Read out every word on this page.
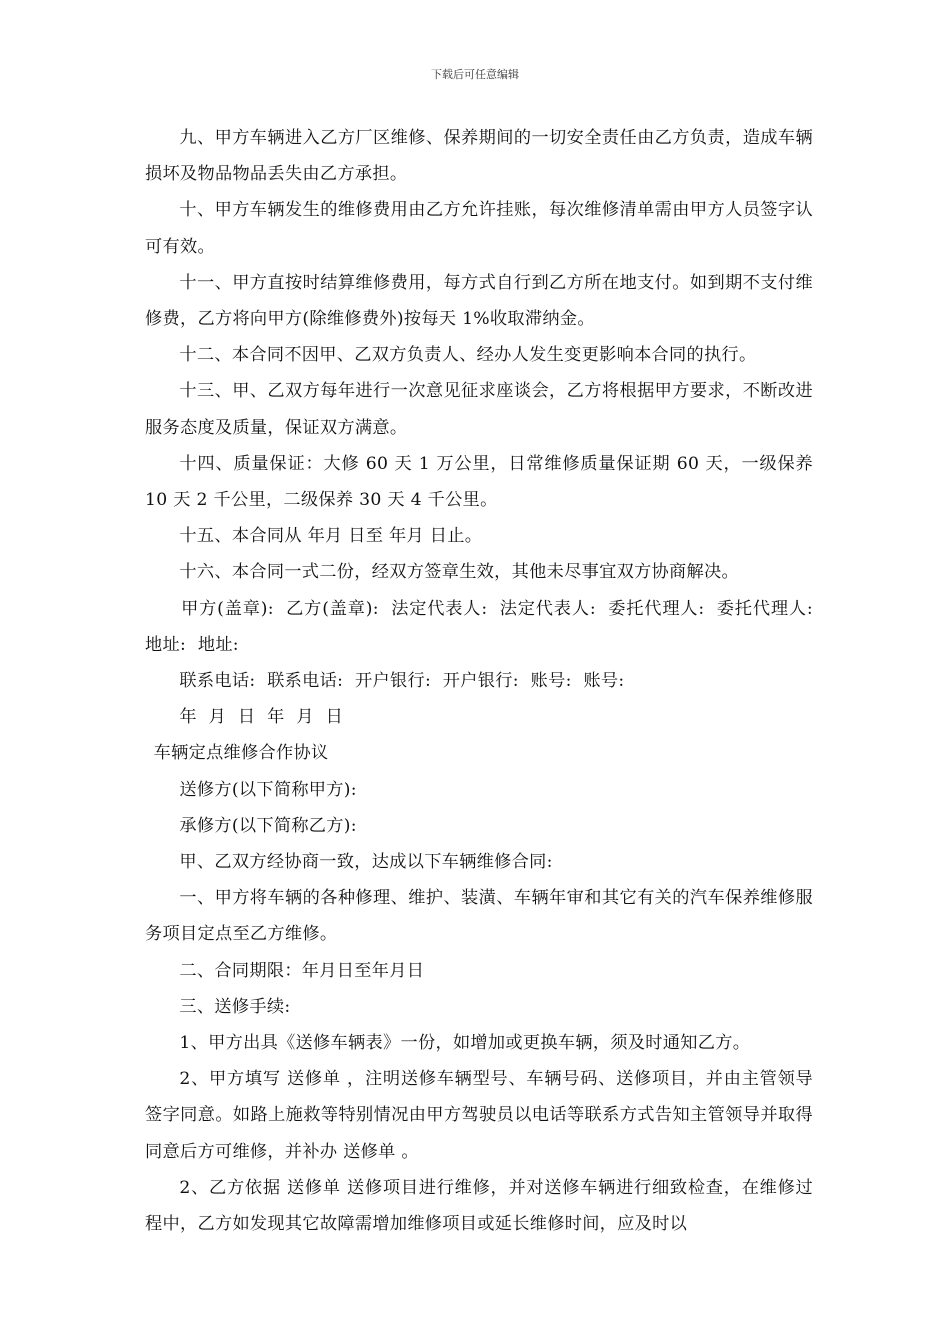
下载后可任意编辑

九、甲方车辆进入乙方厂区维修、保养期间的一切安全责任由乙方负责，造成车辆损坏及物品物品丢失由乙方承担。

十、甲方车辆发生的维修费用由乙方允许挂账，每次维修清单需由甲方人员签字认可有效。

十一、甲方直按时结算维修费用，每方式自行到乙方所在地支付。如到期不支付维修费，乙方将向甲方(除维修费外)按每天 1%收取滞纳金。

十二、本合同不因甲、乙双方负责人、经办人发生变更影响本合同的执行。

十三、甲、乙双方每年进行一次意见征求座谈会，乙方将根据甲方要求，不断改进服务态度及质量，保证双方满意。

十四、质量保证：大修 60 天 1 万公里，日常维修质量保证期 60 天，一级保养 10 天 2 千公里，二级保养 30 天 4 千公里。

十五、本合同从 年月 日至 年月 日止。

十六、本合同一式二份，经双方签章生效，其他未尽事宜双方协商解决。

甲方(盖章): 乙方(盖章): 法定代表人: 法定代表人: 委托代理人: 委托代理人: 地址: 地址:

联系电话: 联系电话: 开户银行: 开户银行: 账号: 账号:

年 月 日 年 月 日

车辆定点维修合作协议

送修方(以下简称甲方):

承修方(以下简称乙方):

甲、乙双方经协商一致，达成以下车辆维修合同:

一、甲方将车辆的各种修理、维护、装潢、车辆年审和其它有关的汽车保养维修服务项目定点至乙方维修。

二、合同期限：年月日至年月日

三、送修手续:

1、甲方出具《送修车辆表》一份，如增加或更换车辆，须及时通知乙方。

2、甲方填写 送修单 ，注明送修车辆型号、车辆号码、送修项目，并由主管领导签字同意。如路上施救等特别情况由甲方驾驶员以电话等联系方式告知主管领导并取得同意后方可维修，并补办 送修单 。

2、乙方依据 送修单 送修项目进行维修，并对送修车辆进行细致检查，在维修过程中，乙方如发现其它故障需增加维修项目或延长维修时间，应及时以
